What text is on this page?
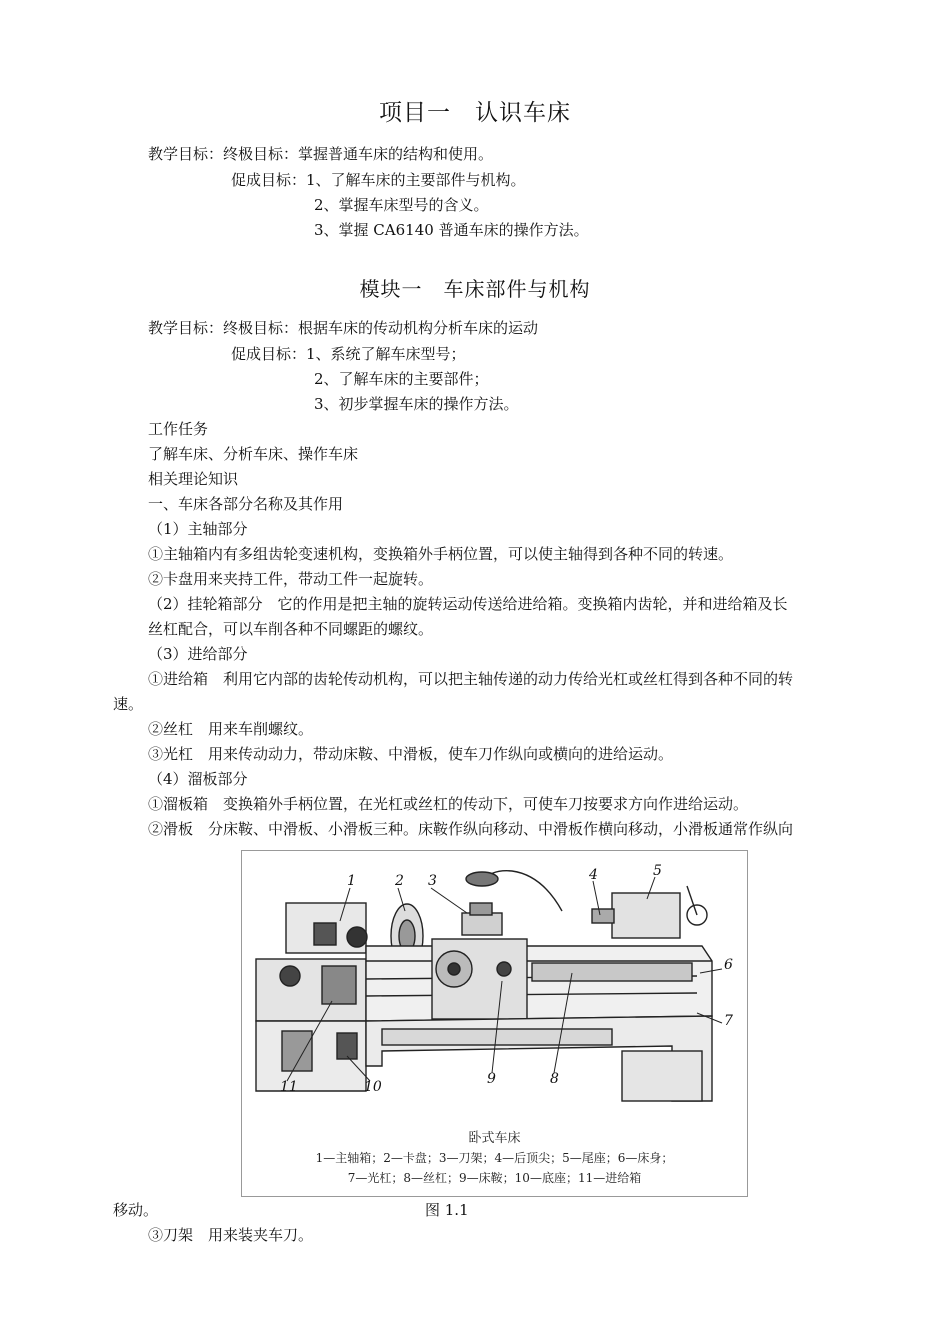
项目一　认识车床
教学目标：终极目标：掌握普通车床的结构和使用。
促成目标：1、了解车床的主要部件与机构。
2、掌握车床型号的含义。
3、掌握 CA6140 普通车床的操作方法。
模块一　车床部件与机构
教学目标：终极目标：根据车床的传动机构分析车床的运动
促成目标：1、系统了解车床型号；
2、了解车床的主要部件；
3、初步掌握车床的操作方法。
工作任务
了解车床、分析车床、操作车床
相关理论知识
一、车床各部分名称及其作用
（1）主轴部分
①主轴箱内有多组齿轮变速机构，变换箱外手柄位置，可以使主轴得到各种不同的转速。
②卡盘用来夹持工件，带动工件一起旋转。
（2）挂轮箱部分　它的作用是把主轴的旋转运动传送给进给箱。变换箱内齿轮，并和进给箱及长
丝杠配合，可以车削各种不同螺距的螺纹。
（3）进给部分
①进给箱　利用它内部的齿轮传动机构，可以把主轴传递的动力传给光杠或丝杠得到各种不同的转
速。
②丝杠　用来车削螺纹。
③光杠　用来传动动力，带动床鞍、中滑板，使车刀作纵向或横向的进给运动。
（4）溜板部分
①溜板箱　变换箱外手柄位置，在光杠或丝杠的传动下，可使车刀按要求方向作进给运动。
②滑板　分床鞍、中滑板、小滑板三种。床鞍作纵向移动、中滑板作横向移动，小滑板通常作纵向
1	2 3	4	5
6
7
8
9
10
11
卧式车床
1—主轴箱；2—卡盘；3—刀架；4—后顶尖；5—尾座；6—床身；
7—光杠；8—丝杠；9—床鞍；10—底座；11—进给箱
移动。	图 1.1
③刀架　用来装夹车刀。
